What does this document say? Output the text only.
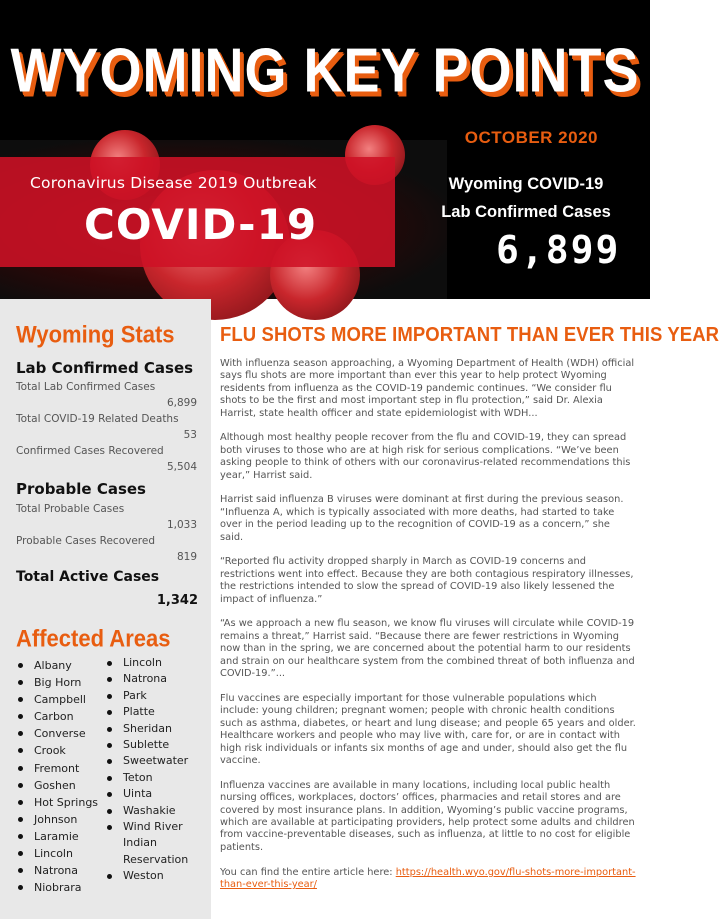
WYOMING KEY POINTS
Coronavirus Disease 2019 Outbreak
COVID-19
OCTOBER 2020
Wyoming COVID-19
Lab Confirmed Cases
6,899
Wyoming Stats
Lab Confirmed Cases
Total Lab Confirmed Cases
6,899
Total COVID-19 Related Deaths
53
Confirmed Cases Recovered
5,504
Probable Cases
Total Probable Cases
1,033
Probable Cases Recovered
819
Total Active Cases
1,342
Affected Areas
Albany
Big Horn
Campbell
Carbon
Converse
Crook
Fremont
Goshen
Hot Springs
Johnson
Laramie
Lincoln
Natrona
Niobrara
Lincoln
Natrona
Park
Platte
Sheridan
Sublette
Sweetwater
Teton
Uinta
Washakie
Wind River Indian Reservation
Weston
FLU SHOTS MORE IMPORTANT THAN EVER THIS YEAR

With influenza season approaching, a Wyoming Department of Health (WDH) official says flu shots are more important than ever this year to help protect Wyoming residents from influenza as the COVID-19 pandemic continues. “We consider flu shots to be the first and most important step in flu protection,” said Dr. Alexia Harrist, state health officer and state epidemiologist with WDH...

Although most healthy people recover from the flu and COVID-19, they can spread both viruses to those who are at high risk for serious complications. “We’ve been asking people to think of others with our coronavirus-related recommendations this year,” Harrist said.

Harrist said influenza B viruses were dominant at first during the previous season. “Influenza A, which is typically associated with more deaths, had started to take over in the period leading up to the recognition of COVID-19 as a concern,” she said.

“Reported flu activity dropped sharply in March as COVID-19 concerns and restrictions went into effect. Because they are both contagious respiratory illnesses, the restrictions intended to slow the spread of COVID-19 also likely lessened the impact of influenza.”

“As we approach a new flu season, we know flu viruses will circulate while COVID-19 remains a threat,” Harrist said. “Because there are fewer restrictions in Wyoming now than in the spring, we are concerned about the potential harm to our residents and strain on our healthcare system from the combined threat of both influenza and COVID-19.”...

Flu vaccines are especially important for those vulnerable populations which include: young children; pregnant women; people with chronic health conditions such as asthma, diabetes, or heart and lung disease; and people 65 years and older. Healthcare workers and people who may live with, care for, or are in contact with high risk individuals or infants six months of age and under, should also get the flu vaccine.

Influenza vaccines are available in many locations, including local public health nursing offices, workplaces, doctors’ offices, pharmacies and retail stores and are covered by most insurance plans. In addition, Wyoming’s public vaccine programs, which are available at participating providers, help protect some adults and children from vaccine-preventable diseases, such as influenza, at little to no cost for eligible patients.

You can find the entire article here: https://health.wyo.gov/flu-shots-more-important-than-ever-this-year/
